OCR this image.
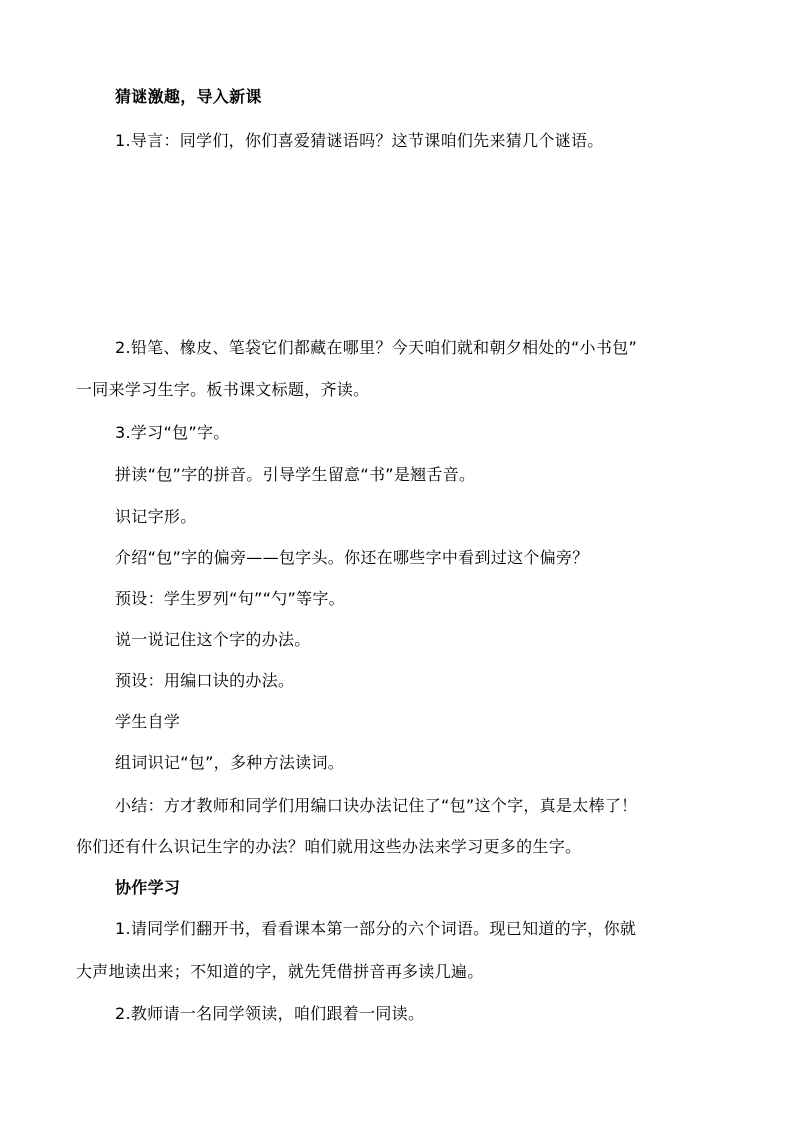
猜谜激趣，导入新课
1.导言：同学们，你们喜爱猜谜语吗？这节课咱们先来猜几个谜语。
2.铅笔、橡皮、笔袋它们都藏在哪里？今天咱们就和朝夕相处的“小书包”
一同来学习生字。板书课文标题，齐读。
3.学习“包”字。
拼读“包”字的拼音。引导学生留意“书”是翘舌音。
识记字形。
介绍“包”字的偏旁——包字头。你还在哪些字中看到过这个偏旁？
预设：学生罗列“句”“勺”等字。
说一说记住这个字的办法。
预设：用编口诀的办法。
学生自学
组词识记“包”，多种方法读词。
小结：方才教师和同学们用编口诀办法记住了“包”这个字，真是太棒了！
你们还有什么识记生字的办法？咱们就用这些办法来学习更多的生字。
协作学习
1.请同学们翻开书，看看课本第一部分的六个词语。现已知道的字，你就
大声地读出来；不知道的字，就先凭借拼音再多读几遍。
2.教师请一名同学领读，咱们跟着一同读。
